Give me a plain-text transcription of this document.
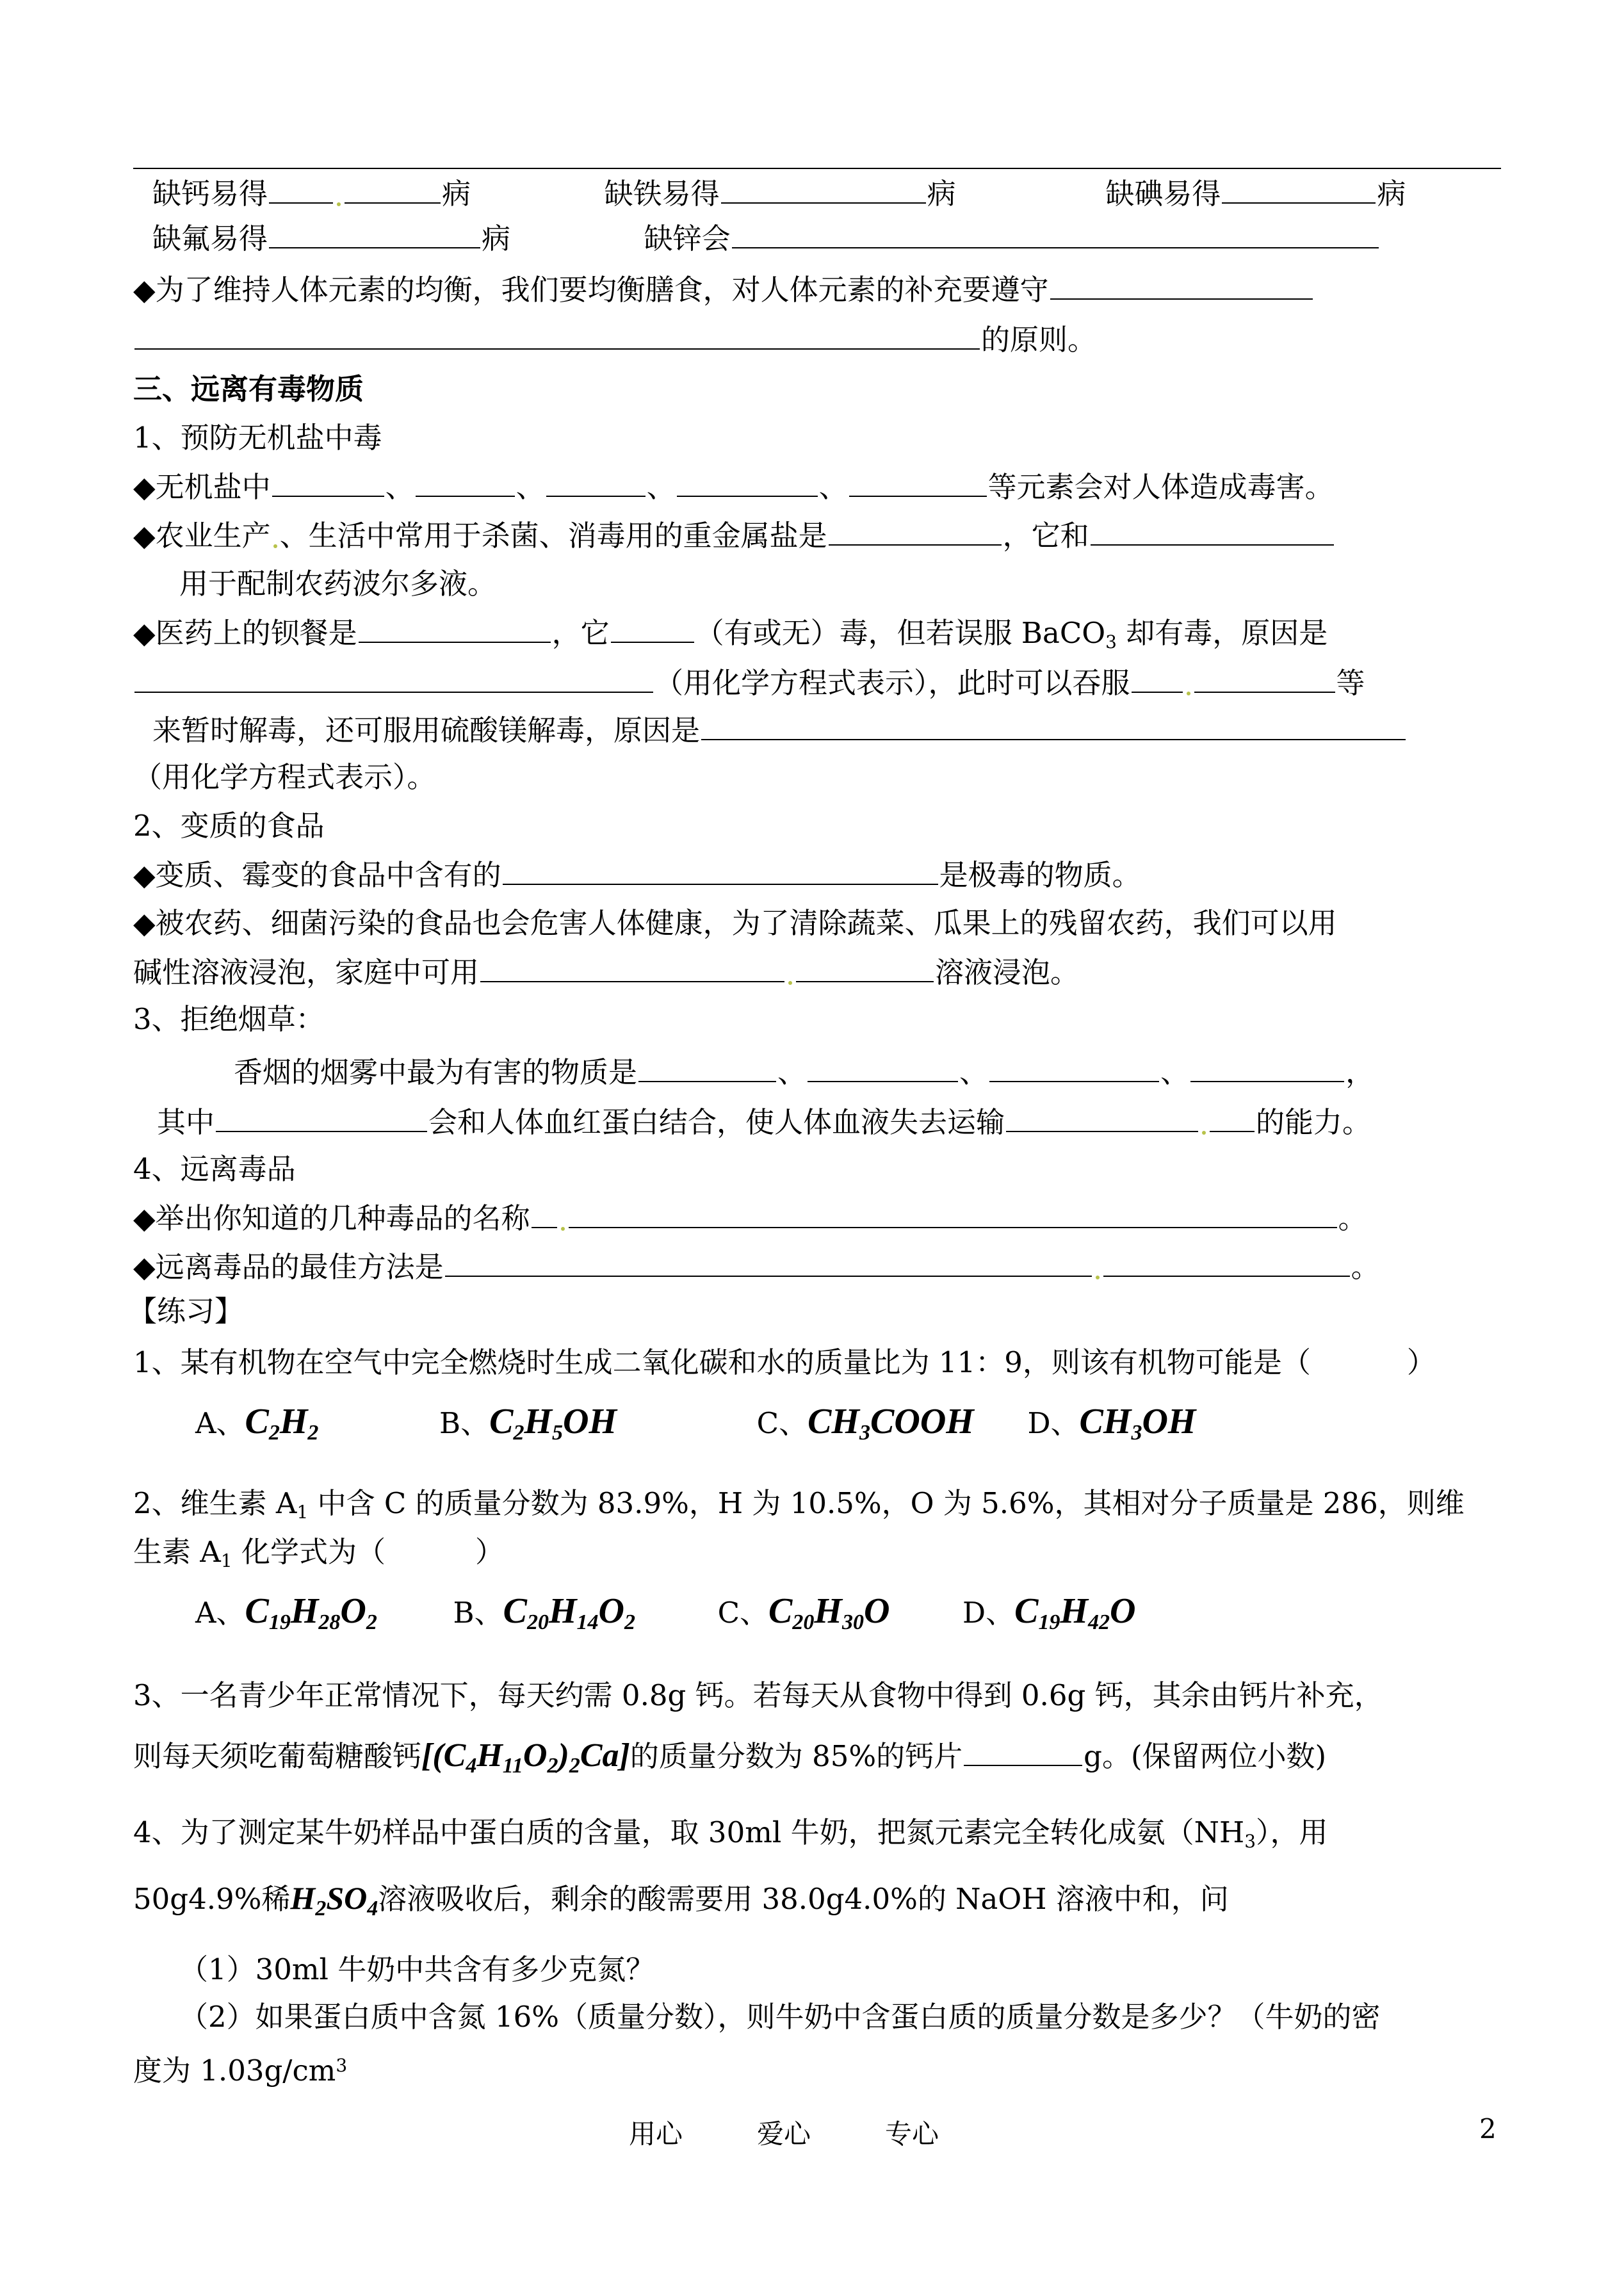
缺钙易得	病	缺铁易得	病	缺碘易得	病
缺氟易得	病	缺锌会
◆为了维持人体元素的均衡，我们要均衡膳食，对人体元素的补充要遵守
的原则。
三、远离有毒物质
1、预防无机盐中毒
◆无机盐中	、	、	、	、	等元素会对人体造成毒害。
◆农业生产 、生活中常用于杀菌、消毒用的重金属盐是	，它和
用于配制农药波尔多液。
◆医药上的钡餐是	，它	（有或无）毒，但若误服 BaCO$_3$ 却有毒，原因是
（用化学方程式表示），此时可以吞服	等
来暂时解毒，还可服用硫酸镁解毒，原因是
（用化学方程式表示）。
2、变质的食品
◆变质、霉变的食品中含有的	是极毒的物质。
◆被农药、细菌污染的食品也会危害人体健康，为了清除蔬菜、瓜果上的残留农药，我们可以用
碱性溶液浸泡，家庭中可用	溶液浸泡。
3、拒绝烟草：
香烟的烟雾中最为有害的物质是	、	、	、	，
其中	会和人体血红蛋白结合，使人体血液失去运输	的能力。
4、远离毒品
◆举出你知道的几种毒品的名称	。
◆远离毒品的最佳方法是	。
【练习】
1、某有机物在空气中完全燃烧时生成二氧化碳和水的质量比为 11：9，则该有机物可能是（	）
A、$C_2H_2$	B、$C_2H_5OH$	C、$CH_3COOH$ D、$CH_3OH$
2、维生素 $A_1$ 中含 C 的质量分数为 83.9%，H 为 10.5%，O 为 5.6%，其相对分子质量是 286，则维
生素 $A_1$ 化学式为（	）
A、$C_{19}H_{28}O_2$	B、$C_{20}H_{14}O_2$	C、$C_{20}H_{30}O$	D、$C_{19}H_{42}O$
3、一名青少年正常情况下，每天约需 0.8g 钙。若每天从食物中得到 0.6g 钙，其余由钙片补充，
则每天须吃葡萄糖酸钙$[(C_4H_{11}O_2)_2Ca]$的质量分数为 85%的钙片	g。(保留两位小数)
4、为了测定某牛奶样品中蛋白质的含量，取 30ml 牛奶，把氮元素完全转化成氨$(NH_3)$，用
50g4.9%稀$H_2SO_4$溶液吸收后，剩余的酸需要用 38.0g4.0%的 NaOH 溶液中和，问
（1）30ml 牛奶中共含有多少克氮？
（2）如果蛋白质中含氮 16%（质量分数），则牛奶中含蛋白质的质量分数是多少？（牛奶的密
度为 $1.03g/cm^3$
用心	爱心	专心	2
